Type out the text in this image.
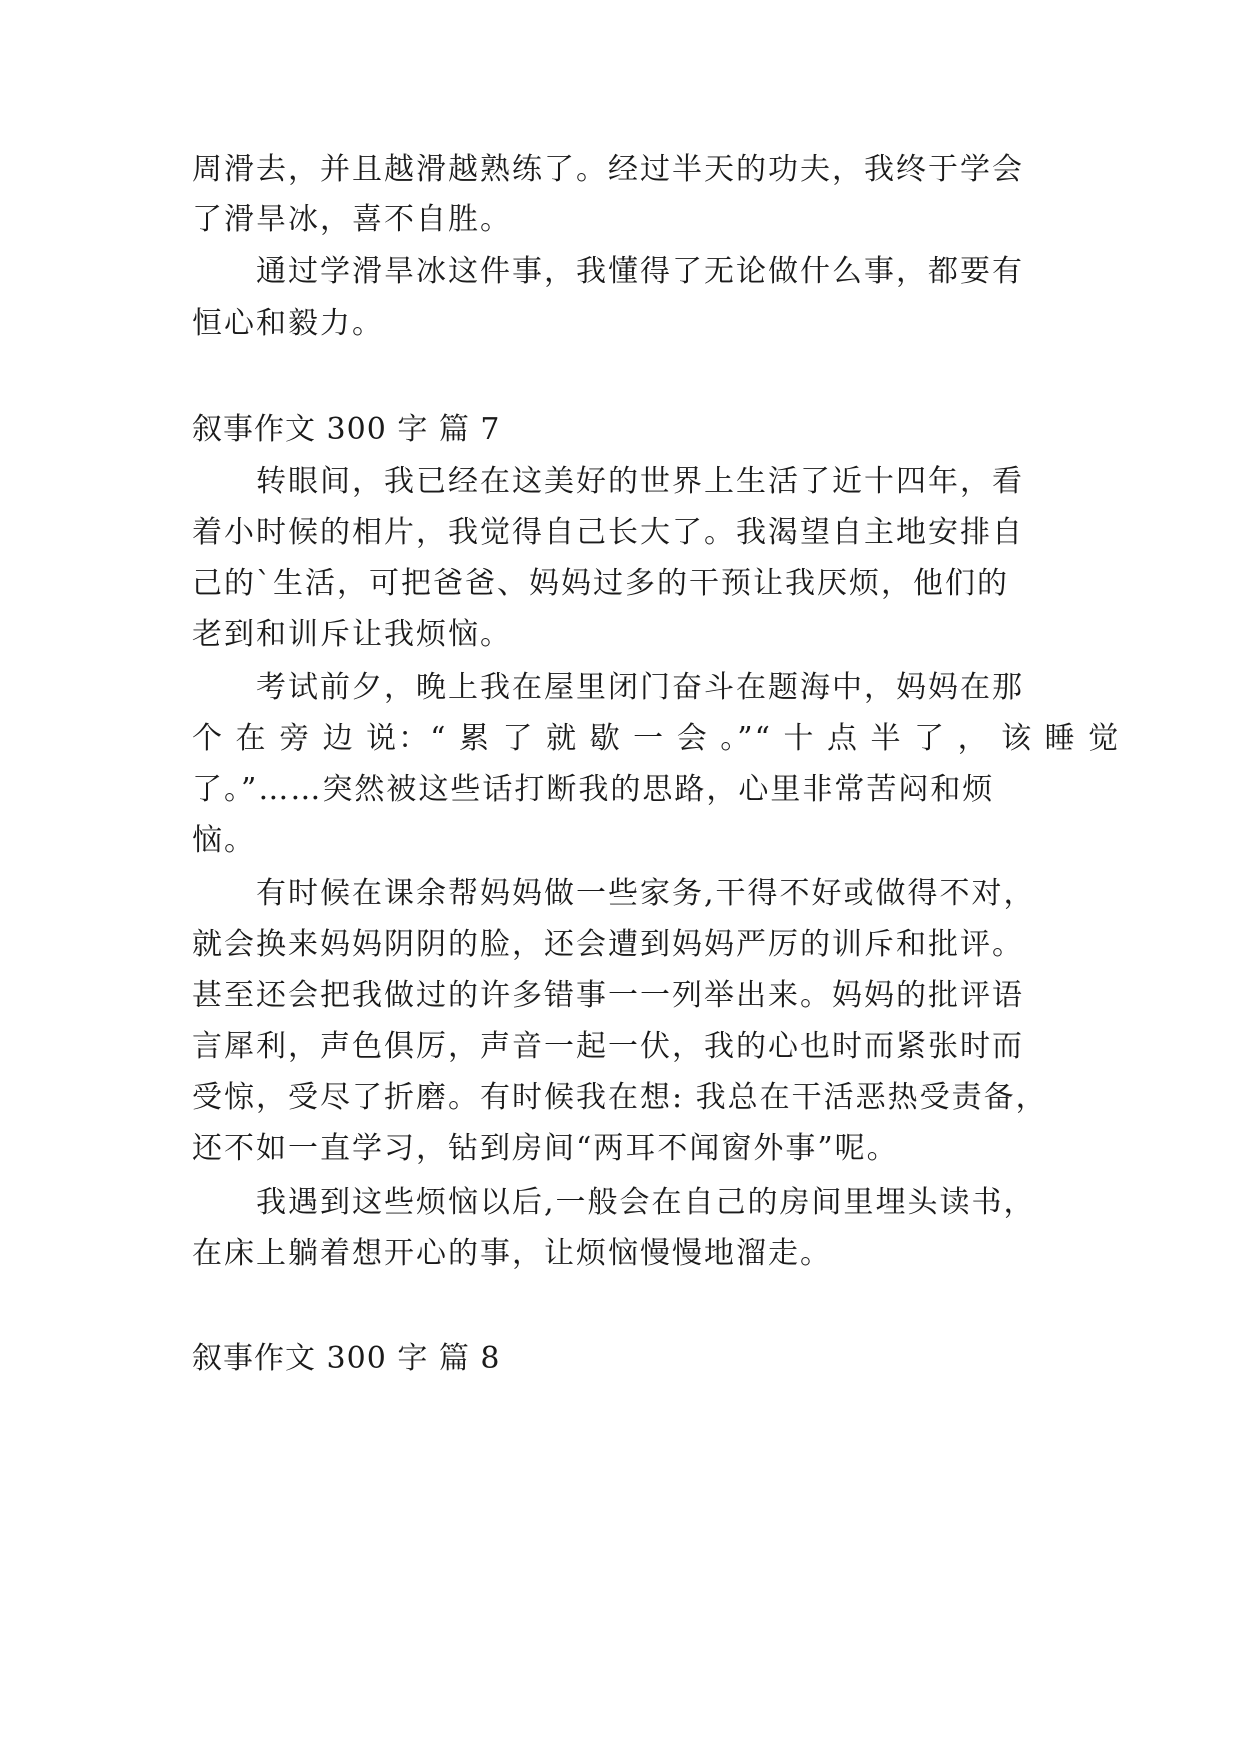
周滑去，并且越滑越熟练了。经过半天的功夫，我终于学会
了滑旱冰，喜不自胜。
通过学滑旱冰这件事，我懂得了无论做什么事，都要有
恒心和毅力。
叙事作文 300 字 篇 7
转眼间，我已经在这美好的世界上生活了近十四年，看
着小时候的相片，我觉得自己长大了。我渴望自主地安排自
己的`生活，可把爸爸、妈妈过多的干预让我厌烦，他们的
老到和训斥让我烦恼。
考试前夕，晚上我在屋里闭门奋斗在题海中，妈妈在那
个 在 旁 边 说：“ 累 了 就 歇 一 会 。”“ 十 点 半 了 ， 该 睡 觉
了。”……突然被这些话打断我的思路，心里非常苦闷和烦
恼。
有时候在课余帮妈妈做一些家务,干得不好或做得不对，
就会换来妈妈阴阴的脸，还会遭到妈妈严厉的训斥和批评。
甚至还会把我做过的许多错事一一列举出来。妈妈的批评语
言犀利，声色俱厉，声音一起一伏，我的心也时而紧张时而
受惊，受尽了折磨。有时候我在想: 我总在干活恶热受责备，
还不如一直学习，钻到房间“两耳不闻窗外事”呢。
我遇到这些烦恼以后,一般会在自己的房间里埋头读书，
在床上躺着想开心的事，让烦恼慢慢地溜走。
叙事作文 300 字 篇 8
